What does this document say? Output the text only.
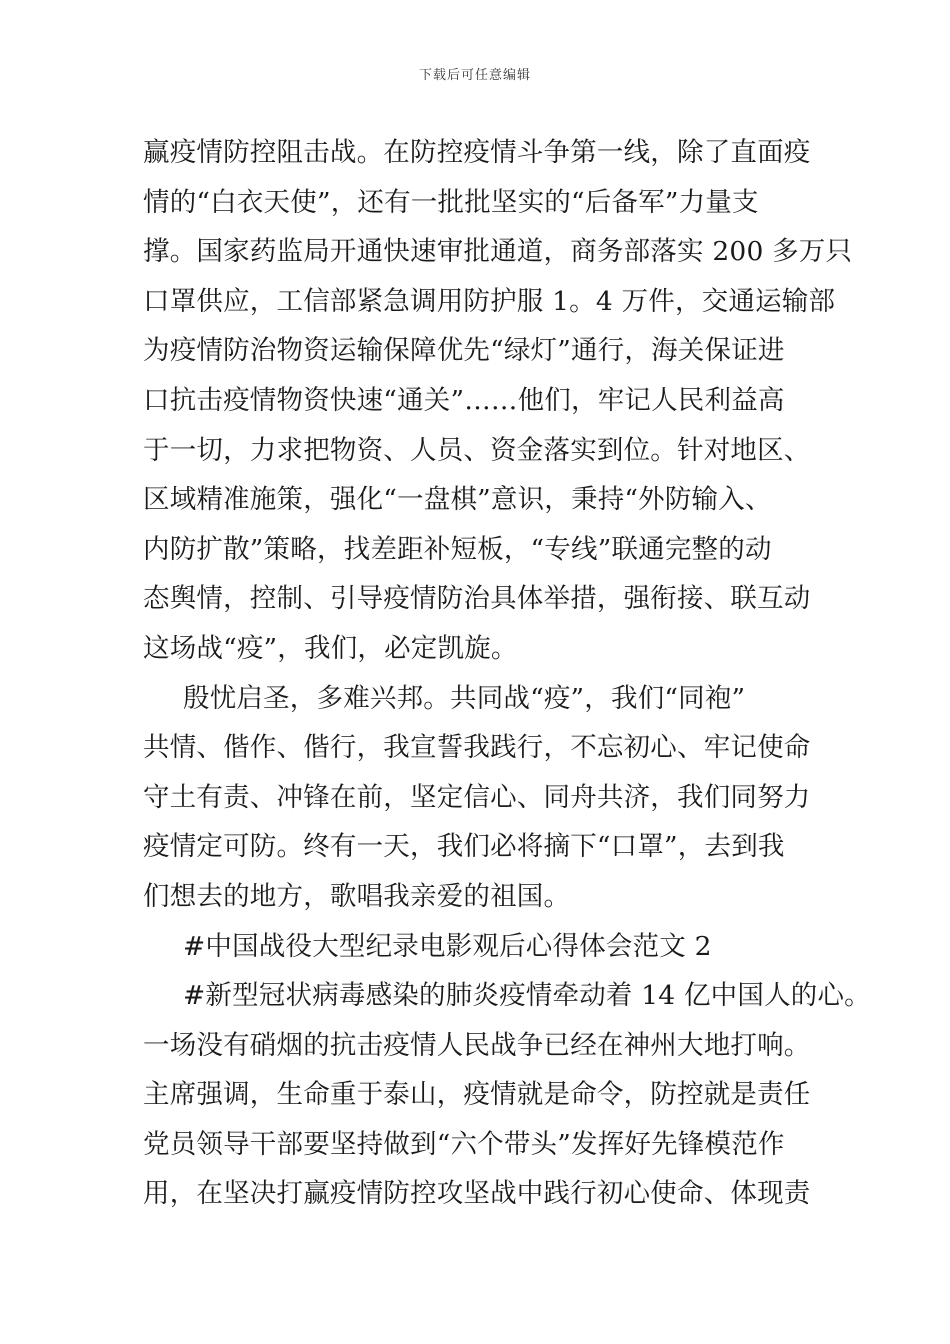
下载后可任意编辑
赢疫情防控阻击战。在防控疫情斗争第一线，除了直面疫
情的“白衣天使”，还有一批批坚实的“后备军”力量支
撑。国家药监局开通快速审批通道，商务部落实 200 多万只
口罩供应，工信部紧急调用防护服 1。4 万件，交通运输部
为疫情防治物资运输保障优先“绿灯”通行，海关保证进
口抗击疫情物资快速“通关”……他们，牢记人民利益高
于一切，力求把物资、人员、资金落实到位。针对地区、
区域精准施策，强化“一盘棋”意识，秉持“外防输入、
内防扩散”策略，找差距补短板，“专线”联通完整的动
态舆情，控制、引导疫情防治具体举措，强衔接、联互动
这场战“疫”，我们，必定凯旋。
殷忧启圣，多难兴邦。共同战“疫”，我们“同袍”
共情、偕作、偕行，我宣誓我践行，不忘初心、牢记使命
守土有责、冲锋在前，坚定信心、同舟共济，我们同努力
疫情定可防。终有一天，我们必将摘下“口罩”，去到我
们想去的地方，歌唱我亲爱的祖国。
#中国战役大型纪录电影观后心得体会范文 2
#新型冠状病毒感染的肺炎疫情牵动着 14 亿中国人的心。
一场没有硝烟的抗击疫情人民战争已经在神州大地打响。
主席强调，生命重于泰山，疫情就是命令，防控就是责任
党员领导干部要坚持做到“六个带头”发挥好先锋模范作
用，在坚决打赢疫情防控攻坚战中践行初心使命、体现责
